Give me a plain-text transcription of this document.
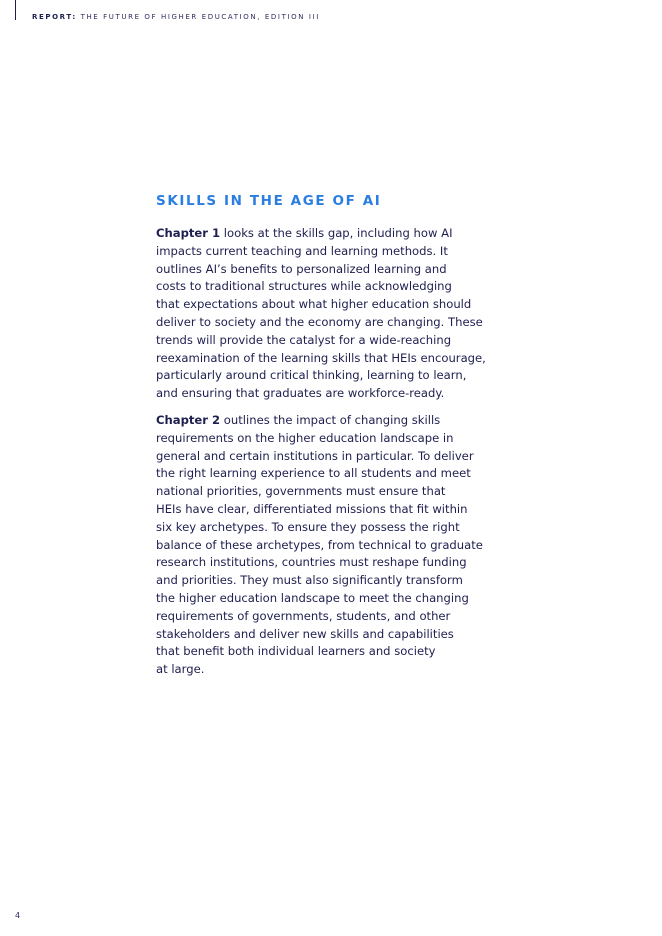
REPORT: THE FUTURE OF HIGHER EDUCATION, EDITION III
SKILLS IN THE AGE OF AI

Chapter 1 looks at the skills gap, including how AI
impacts current teaching and learning methods. It
outlines AI’s benefits to personalized learning and
costs to traditional structures while acknowledging
that expectations about what higher education should
deliver to society and the economy are changing. These
trends will provide the catalyst for a wide-reaching
reexamination of the learning skills that HEIs encourage,
particularly around critical thinking, learning to learn,
and ensuring that graduates are workforce-ready.

Chapter 2 outlines the impact of changing skills
requirements on the higher education landscape in
general and certain institutions in particular. To deliver
the right learning experience to all students and meet
national priorities, governments must ensure that
HEIs have clear, differentiated missions that fit within
six key archetypes. To ensure they possess the right
balance of these archetypes, from technical to graduate
research institutions, countries must reshape funding
and priorities. They must also significantly transform
the higher education landscape to meet the changing
requirements of governments, students, and other
stakeholders and deliver new skills and capabilities
that benefit both individual learners and society
at large.

4
